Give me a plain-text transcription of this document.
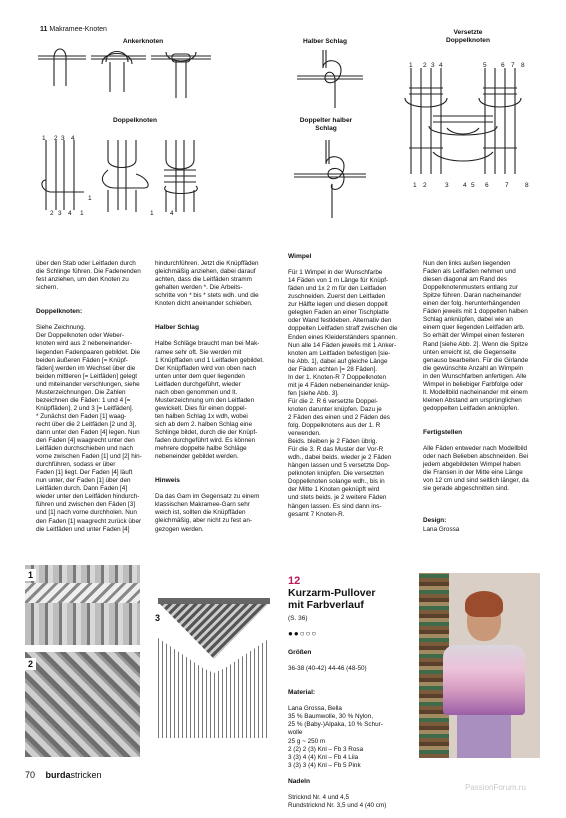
11 Makramee-Knoten
Ankerknoten	Halber Schlag
Versetzte
Doppelknoten
Doppelknoten	Doppelter halber
Schlag
1 2 3 4
2 3 4 1
1
1	4
1 2 3 4	5 6 7 8
1 2	3 4 5 6	7	8

über den Stab oder Leitfaden durch
die Schlinge führen. Die Fadenenden
fest anziehen, um den Knoten zu
sichern.

Doppelknoten:

Siehe Zeichnung.
Der Doppelknoten oder Weber-
knoten wird aus 2 nebeneinander-
liegenden Fadenpaaren gebildet. Die
beiden äußeren Fäden [= Knüpf-
fäden] werden im Wechsel über die
beiden mittleren [= Leitfäden] gelegt
und miteinander verschlungen, siehe
Musterzeichnungen. Die Zahlen
bezeichnen die Fäden: 1 und 4 [=
Knüpffäden], 2 und 3 [= Leitfäden].
* Zunächst den Faden [1] waag-
recht über die 2 Leitfäden [2 und 3],
dann unter den Faden [4] legen. Nun
den Faden [4] waagrecht unter den
Leitfäden durchschieben und nach
vorne zwischen Faden [1] und [2] hin-
durchführen, sodass er über
Faden [1] liegt. Der Faden [4] läuft
nun unter, der Faden [1] über den
Leitfäden durch. Dann Faden [4]
wieder unter den Leitfäden hindurch-
führen und zwischen den Fäden [3]
und [1] nach vorne durchholen. Nun
den Faden [1] waagrecht zurück über
die Leitfäden und unter Faden [4]

hindurchführen. Jetzt die Knüpffäden
gleichmäßig anziehen, dabei darauf
achten, dass die Leitfäden stramm
gehalten werden *. Die Arbeits-
schritte von * bis * stets wdh. und die
Knoten dicht aneinander schieben.

Halber Schlag

Halbe Schläge braucht man bei Mak-
ramee sehr oft. Sie werden mit
1 Knüpffaden und 1 Leitfaden gebildet.
Der Knüpffaden wird von oben nach
unten unter dem quer liegenden
Leitfaden durchgeführt, wieder
nach oben genommen und lt.
Musterzeichnung um den Leitfaden
gewickelt. Dies für einen doppel-
ten halben Schlag 1x wdh, wobei
sich ab dem 2. halben Schlag eine
Schlinge bildet, durch die der Knüpf-
faden durchgeführt wird. Es können
mehrere doppelte halbe Schläge
nebeneinder gebildet werden.

Hinweis

Da das Garn im Gegensatz zu einem
klassischen Makramee-Garn sehr
weich ist, sollten die Knüpffäden
gleichmäßig, aber nicht zu fest an-
gezogen werden.

Wimpel

Für 1 Wimpel in der Wunschfarbe
14 Fäden von 1 m Länge für Knüpf-
fäden und 1x 2 m für den Leitfaden
zuschneiden. Zuerst den Leitfaden
zur Hälfte legen und diesen doppelt
gelegten Faden an einer Tischplatte
oder Wand festkleben. Alternativ den
doppelten Leitfaden straff zwischen die
Enden eines Kleiderständers spannen.
Nun alle 14 Fäden jeweils mit 1 Anker-
knoten am Leitfaden befestigen [sie-
he Abb. 1], dabei auf gleiche Länge
der Fäden achten [= 28 Fäden].
In der 1. Knoten-R 7 Doppelknoten
mit je 4 Fäden nebeneinander knüp-
fen [siehe Abb. 3].
Für die 2. R 6 versetzte Doppel-
knoten darunter knüpfen. Dazu je
2 Fäden des einen und 2 Fäden des
folg. Doppelknotens aus der 1. R
verwenden.
Beids. bleiben je 2 Fäden übrig.
Für die 3. R das Muster der Vor-R
wdh., dabei beids. wieder je 2 Fäden
hängen lassen und 5 versetzte Dop-
pelknoten knüpfen. Die versetzten
Doppelknoten solange wdh., bis in
der Mitte 1 Knoten geknüpft wird
und stets beids. je 2 weitere Fäden
hängen lassen. Es sind dann ins-
gesamt 7 Knoten-R.

Nun den links außen liegenden
Faden als Leitfaden nehmen und
diesen diagonal am Rand des
Doppelknotenmusters entlang zur
Spitze führen. Daran nacheinander
einen der folg. herunterhängenden
Fäden jeweils mit 1 doppelten halben
Schlag anknüpfen, dabei wie an
einem quer liegenden Leitfaden arb.
So erhält der Wimpel einen festeren
Rand [siehe Abb. 2]. Wenn die Spitze
unten erreicht ist, die Gegenseite
genauso bearbeiten. Für die Girlande
die gewünschte Anzahl an Wimpeln
in den Wunschfarben anfertigen. Alle
Wimpel in beliebiger Farbfolge oder
lt. Modellbild nacheinander mit einem
kleinen Abstand am ursprünglichen
gedoppelten Leitfaden anknüpfen.

Fertigstellen

Alle Fäden entweder nach Modellbild
oder nach Belieben abschneiden. Bei
jedem abgebildeten Wimpel haben
die Fransen in der Mitte eine Länge
von 12 cm und sind seitlich länger, da
sie gerade abgeschnitten sind.

Design:
Lana Grossa

1
2
3

12
Kurzarm-Pullover
mit Farbverlauf
(S. 36)

●●○○○

Größen

36-38 (40-42) 44-46 (48-50)

Material:

Lana Grossa, Bella
35 % Baumwolle, 30 % Nylon,
25 % (Baby-)Alpaka, 10 % Schur-
wolle
25 g ~ 250 m
2 (2) 2 (3) Knl – Fb 3 Rosa
3 (3) 4 (4) Knl – Fb 4 Lila
3 (3) 3 (4) Knl – Fb 5 Pink

Nadeln

Stricknd Nr. 4 und 4,5
Rundstricknd Nr. 3,5 und 4 (40 cm)

70 burdastricken
PassionForum.ru
